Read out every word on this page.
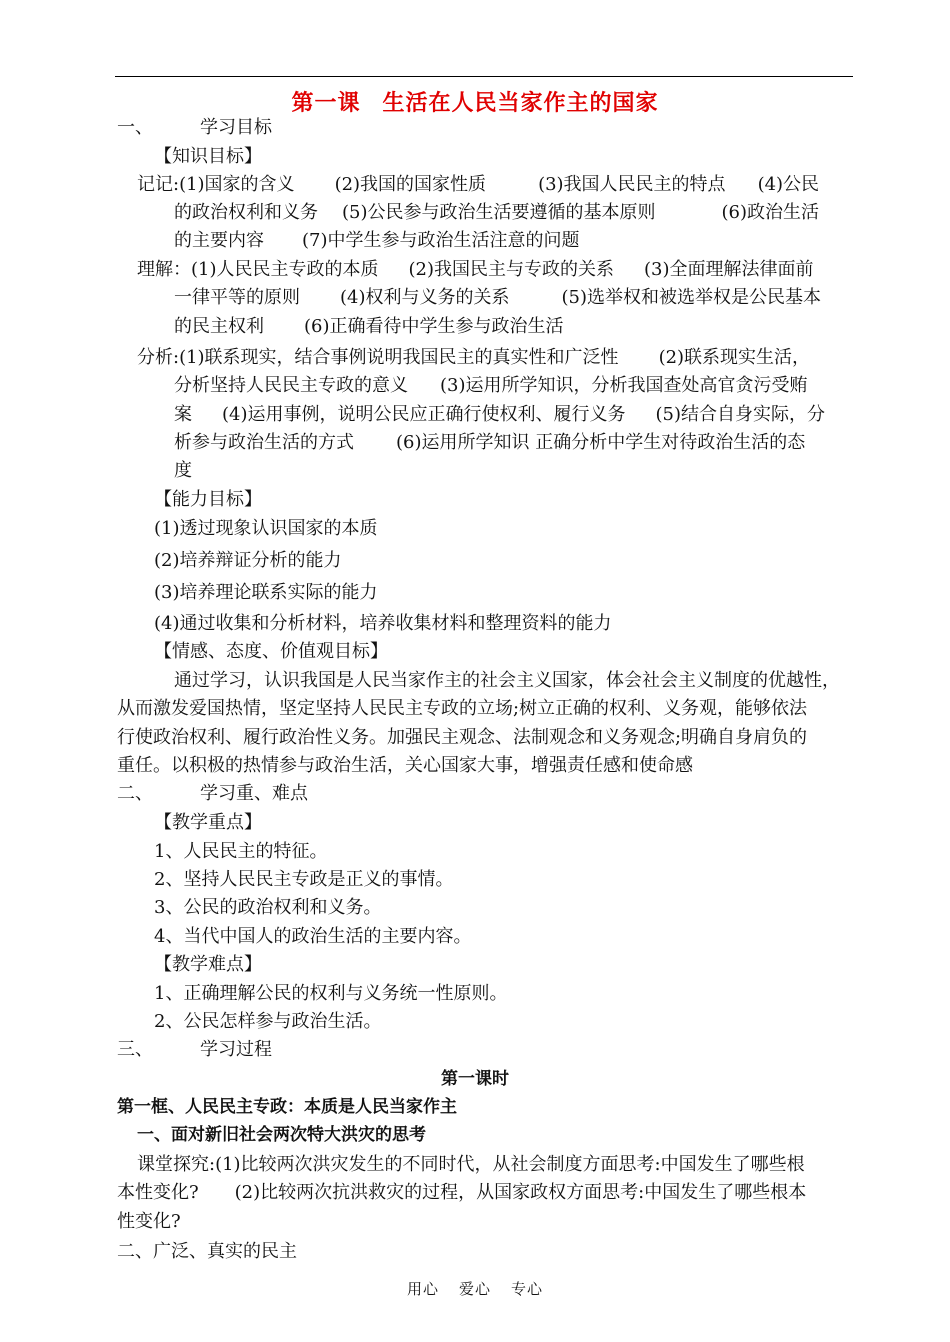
第一课 生活在人民当家作主的国家
一、	学习目标
【知识目标】
记记:(1)国家的含义 (2)我国的国家性质	(3)我国人民民主的特点 (4)公民
的政治权利和义务 (5)公民参与政治生活要遵循的基本原则	(6)政治生活
的主要内容 (7)中学生参与政治生活注意的问题
理解：(1)人民民主专政的本质 (2)我国民主与专政的关系 (3)全面理解法律面前
一律平等的原则 (4)权利与义务的关系	(5)选举权和被选举权是公民基本
的民主权利 (6)正确看待中学生参与政治生活
分析:(1)联系现实，结合事例说明我国民主的真实性和广泛性 (2)联系现实生活，
分析坚持人民民主专政的意义 (3)运用所学知识，分析我国查处高官贪污受贿
案 (4)运用事例，说明公民应正确行使权利、履行义务 (5)结合自身实际，分
析参与政治生活的方式 (6)运用所学知识 正确分析中学生对待政治生活的态
度
【能力目标】
(1)透过现象认识国家的本质
(2)培养辩证分析的能力
(3)培养理论联系实际的能力
(4)通过收集和分析材料，培养收集材料和整理资料的能力
【情感、态度、价值观目标】
通过学习，认识我国是人民当家作主的社会主义国家，体会社会主义制度的优越性，
从而激发爱国热情，坚定坚持人民民主专政的立场;树立正确的权利、义务观，能够依法
行使政治权利、履行政治性义务。加强民主观念、法制观念和义务观念;明确自身肩负的
重任。以积极的热情参与政治生活，关心国家大事，增强责任感和使命感
二、	学习重、难点
【教学重点】
1、人民民主的特征。
2、坚持人民民主专政是正义的事情。
3、公民的政治权利和义务。
4、当代中国人的政治生活的主要内容。
【教学难点】
1、正确理解公民的权利与义务统一性原则。
2、公民怎样参与政治生活。
三、	学习过程
第一课时
第一框、人民民主专政：本质是人民当家作主
一、面对新旧社会两次特大洪灾的思考
课堂探究:(1)比较两次洪灾发生的不同时代，从社会制度方面思考:中国发生了哪些根
本性变化? (2)比较两次抗洪救灾的过程，从国家政权方面思考:中国发生了哪些根本
性变化?
二、广泛、真实的民主
用心 爱心 专心
